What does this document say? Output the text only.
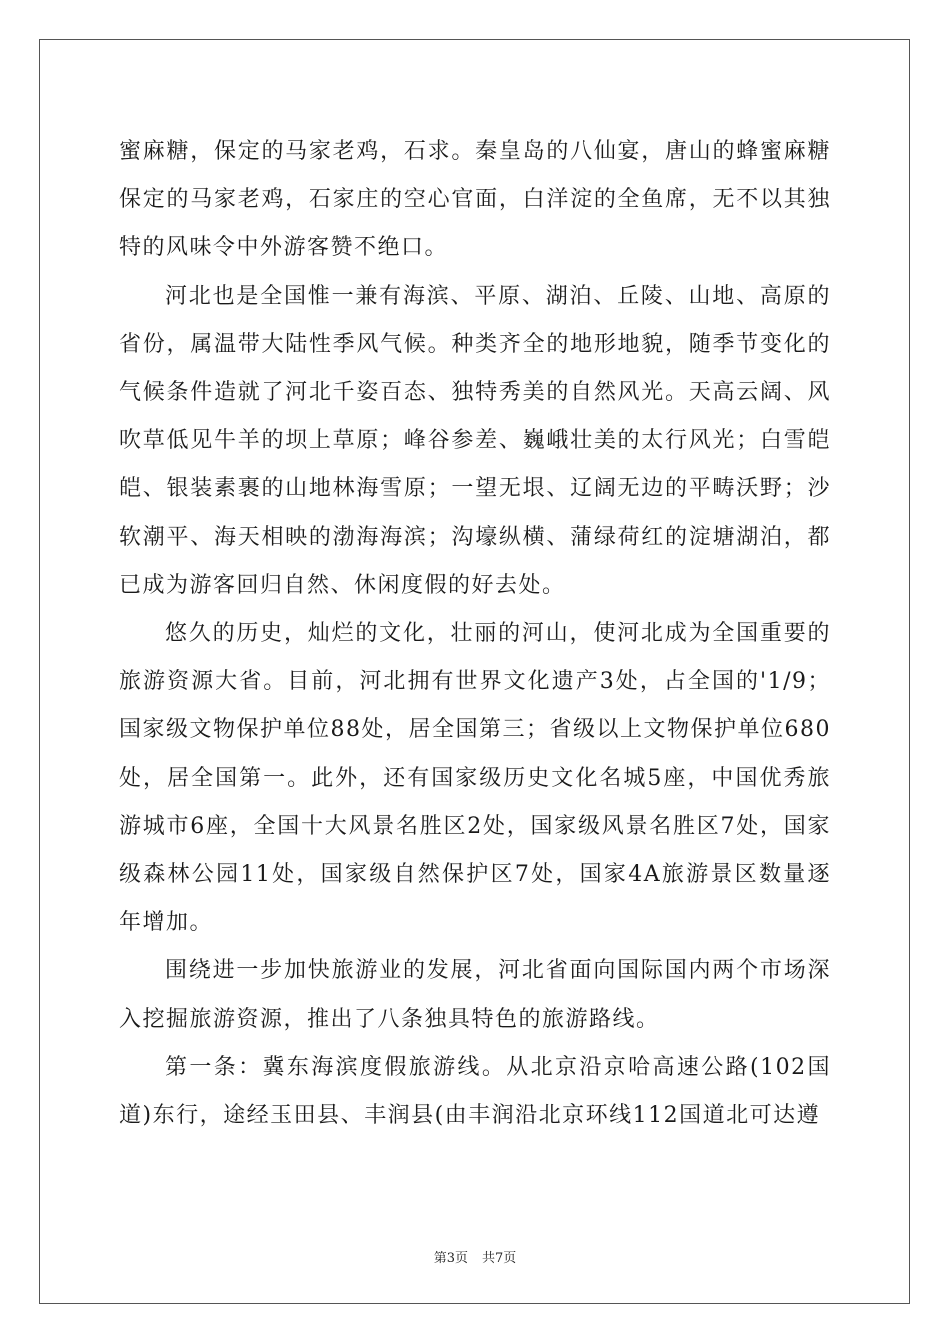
蜜麻糖，保定的马家老鸡，石求。秦皇岛的八仙宴，唐山的蜂蜜麻糖保定的马家老鸡，石家庄的空心官面，白洋淀的全鱼席，无不以其独特的风味令中外游客赞不绝口。

河北也是全国惟一兼有海滨、平原、湖泊、丘陵、山地、高原的省份，属温带大陆性季风气候。种类齐全的地形地貌，随季节变化的气候条件造就了河北千姿百态、独特秀美的自然风光。天高云阔、风吹草低见牛羊的坝上草原；峰谷参差、巍峨壮美的太行风光；白雪皑皑、银装素裹的山地林海雪原；一望无垠、辽阔无边的平畴沃野；沙软潮平、海天相映的渤海海滨；沟壕纵横、蒲绿荷红的淀塘湖泊，都已成为游客回归自然、休闲度假的好去处。

悠久的历史，灿烂的文化，壮丽的河山，使河北成为全国重要的旅游资源大省。目前，河北拥有世界文化遗产3处，占全国的'1/9；国家级文物保护单位88处，居全国第三；省级以上文物保护单位680处，居全国第一。此外，还有国家级历史文化名城5座，中国优秀旅游城市6座，全国十大风景名胜区2处，国家级风景名胜区7处，国家级森林公园11处，国家级自然保护区7处，国家4A旅游景区数量逐年增加。

围绕进一步加快旅游业的发展，河北省面向国际国内两个市场深入挖掘旅游资源，推出了八条独具特色的旅游路线。

第一条：冀东海滨度假旅游线。从北京沿京哈高速公路(102国道)东行，途经玉田县、丰润县(由丰润沿北京环线112国道北可达遵

第3页 共7页
